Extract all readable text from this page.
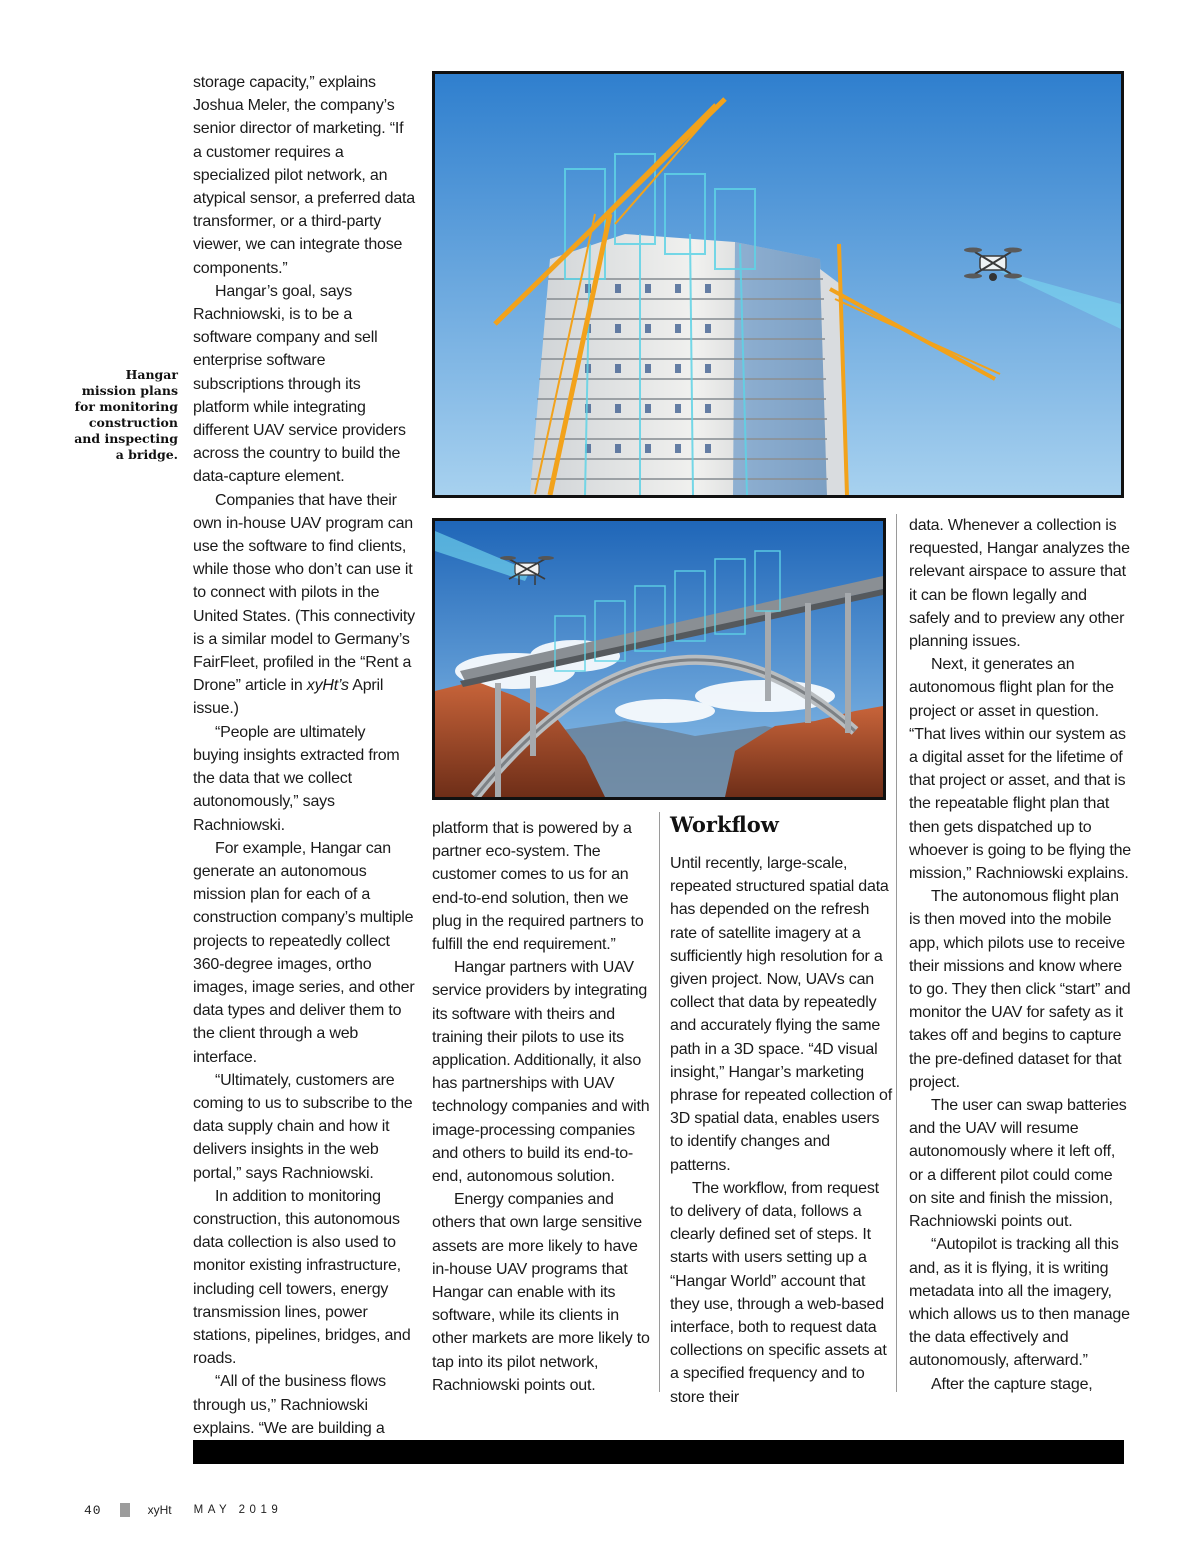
Hangar mission plans for monitoring construction and inspecting a bridge.

storage capacity,” explains Joshua Meler, the company’s senior director of marketing. “If a customer requires a specialized pilot network, an atypical sensor, a preferred data transformer, or a third-party viewer, we can integrate those components.”

Hangar’s goal, says Rachniowski, is to be a software company and sell enterprise software subscriptions through its platform while integrating different UAV service providers across the country to build the data-capture element.

Companies that have their own in-house UAV program can use the software to find clients, while those who don’t can use it to connect with pilots in the United States. (This connectivity is a similar model to Germany’s FairFleet, profiled in the “Rent a Drone” article in xyHt’s April issue.)

“People are ultimately buying insights extracted from the data that we collect autonomously,” says Rachniowski.

For example, Hangar can generate an autonomous mission plan for each of a construction company’s multiple projects to repeatedly collect 360-degree images, ortho images, image series, and other data types and deliver them to the client through a web interface.

“Ultimately, customers are coming to us to subscribe to the data supply chain and how it delivers insights in the web portal,” says Rachniowski.

In addition to monitoring construction, this autonomous data collection is also used to monitor existing infrastructure, including cell towers, energy transmission lines, power stations, pipelines, bridges, and roads.

“All of the business flows through us,” Rachniowski explains. “We are building a

platform that is powered by a partner eco-system. The customer comes to us for an end-to-end solution, then we plug in the required partners to fulfill the end requirement.”

Hangar partners with UAV service providers by integrating its software with theirs and training their pilots to use its application. Additionally, it also has partnerships with UAV technology companies and with image-processing companies and others to build its end-to-end, autonomous solution.

Energy companies and others that own large sensitive assets are more likely to have in-house UAV programs that Hangar can enable with its software, while its clients in other markets are more likely to tap into its pilot network, Rachniowski points out.

Workflow

Until recently, large-scale, repeated structured spatial data has depended on the refresh rate of satellite imagery at a sufficiently high resolution for a given project. Now, UAVs can collect that data by repeatedly and accurately flying the same path in a 3D space. “4D visual insight,” Hangar’s marketing phrase for repeated collection of 3D spatial data, enables users to identify changes and patterns.

The workflow, from request to delivery of data, follows a clearly defined set of steps. It starts with users setting up a “Hangar World” account that they use, through a web-based interface, both to request data collections on specific assets at a specified frequency and to store their

data. Whenever a collection is requested, Hangar analyzes the relevant airspace to assure that it can be flown legally and safely and to preview any other planning issues.

Next, it generates an autonomous flight plan for the project or asset in question. “That lives within our system as a digital asset for the lifetime of that project or asset, and that is the repeatable flight plan that then gets dispatched up to whoever is going to be flying the mission,” Rachniowski explains.

The autonomous flight plan is then moved into the mobile app, which pilots use to receive their missions and know where to go. They then click “start” and monitor the UAV for safety as it takes off and begins to capture the pre-defined dataset for that project.

The user can swap batteries and the UAV will resume autonomously where it left off, or a different pilot could come on site and finish the mission, Rachniowski points out.

“Autopilot is tracking all this and, as it is flying, it is writing metadata into all the imagery, which allows us to then manage the data effectively and autonomously, afterward.”

After the capture stage,

40	xyHt MAY 2019
